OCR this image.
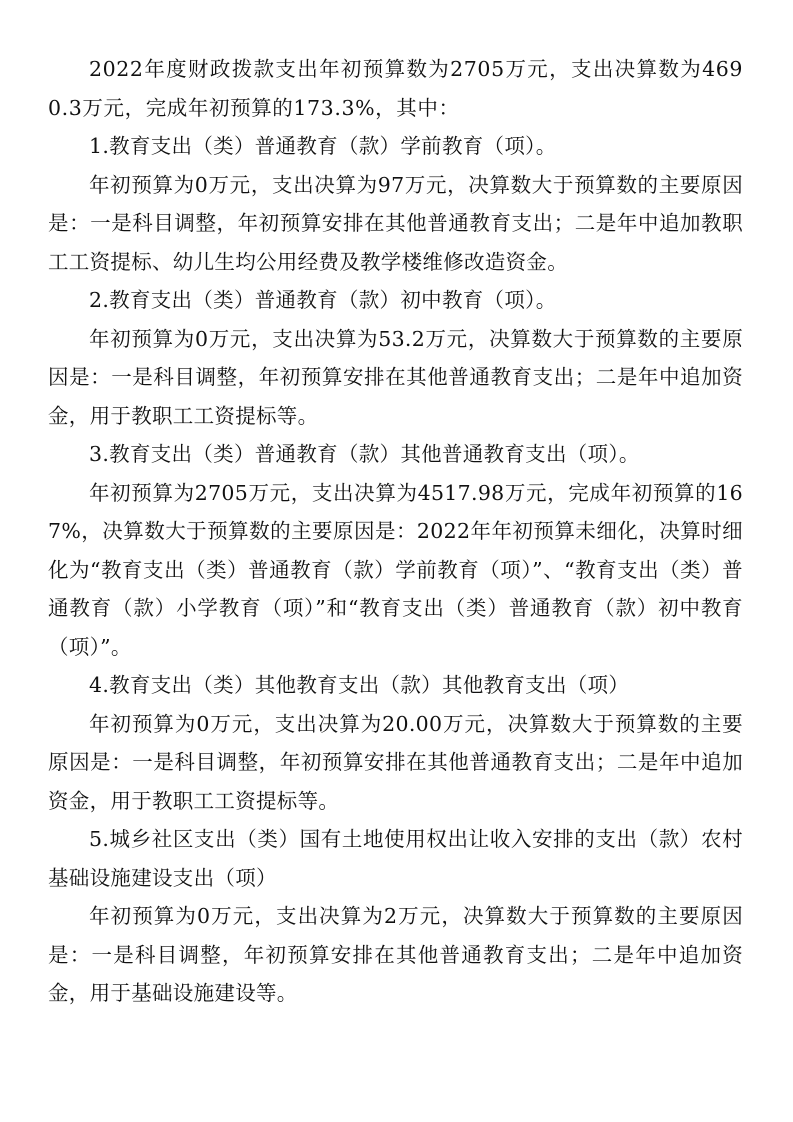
2022年度财政拨款支出年初预算数为2705万元，支出决算数为4690.3万元，完成年初预算的173.3%，其中：

1.教育支出（类）普通教育（款）学前教育（项）。

年初预算为0万元，支出决算为97万元，决算数大于预算数的主要原因是：一是科目调整，年初预算安排在其他普通教育支出；二是年中追加教职工工资提标、幼儿生均公用经费及教学楼维修改造资金。

2.教育支出（类）普通教育（款）初中教育（项）。

年初预算为0万元，支出决算为53.2万元，决算数大于预算数的主要原因是：一是科目调整，年初预算安排在其他普通教育支出；二是年中追加资金，用于教职工工资提标等。

3.教育支出（类）普通教育（款）其他普通教育支出（项）。

年初预算为2705万元，支出决算为4517.98万元，完成年初预算的167%，决算数大于预算数的主要原因是：2022年年初预算未细化，决算时细化为“教育支出（类）普通教育（款）学前教育（项）”、“教育支出（类）普通教育（款）小学教育（项）”和“教育支出（类）普通教育（款）初中教育（项）”。

4.教育支出（类）其他教育支出（款）其他教育支出（项）

年初预算为0万元，支出决算为20.00万元，决算数大于预算数的主要原因是：一是科目调整，年初预算安排在其他普通教育支出；二是年中追加资金，用于教职工工资提标等。

5.城乡社区支出（类）国有土地使用权出让收入安排的支出（款）农村基础设施建设支出（项）

年初预算为0万元，支出决算为2万元，决算数大于预算数的主要原因是：一是科目调整，年初预算安排在其他普通教育支出；二是年中追加资金，用于基础设施建设等。
